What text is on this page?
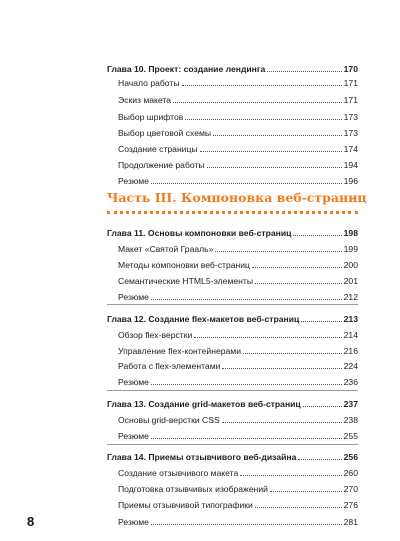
Глава 10. Проект: создание лендинга	170
Начало работы	171
Эскиз макета	171
Выбор шрифтов	173
Выбор цветовой схемы	173
Создание страницы	174
Продолжение работы	194
Резюме	196
Глава 11. Основы компоновки веб-страниц	198
Макет «Святой Грааль»	199
Методы компоновки веб-страниц	200
Семантические HTML5-элементы	201
Резюме	212
Глава 12. Создание flex-макетов веб-страниц	213
Обзор flex-верстки	214
Управление flex-контейнерами	216
Работа с flex-элементами	224
Резюме	236
Глава 13. Создание grid-макетов веб-страниц	237
Основы grid-верстки CSS	238
Резюме	255
Глава 14. Приемы отзывчивого веб-дизайна	256
Создание отзывчивого макета	260
Подготовка отзывчивых изображений	270
Приемы отзывчивой типографики	276
Резюме	281
Часть III. Компоновка веб-страниц
8
